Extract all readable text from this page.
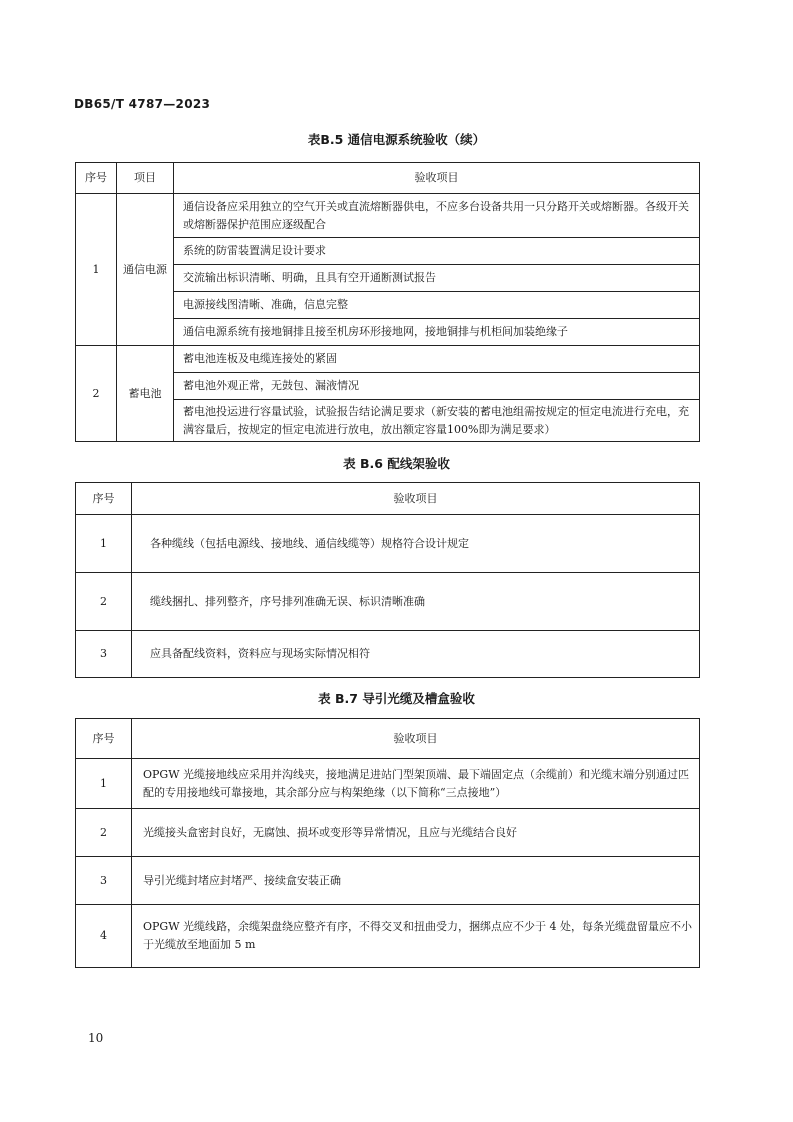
DB65/T 4787—2023
表B.5 通信电源系统验收（续）
序号	项目	验收项目
1	通信电源	通信设备应采用独立的空气开关或直流熔断器供电，不应多台设备共用一只分路开关或熔断器。各级开关或熔断器保护范围应逐级配合
		系统的防雷装置满足设计要求
		交流输出标识清晰、明确，且具有空开通断测试报告
		电源接线图清晰、准确，信息完整
		通信电源系统有接地铜排且接至机房环形接地网，接地铜排与机柜间加装绝缘子
2	蓄电池	蓄电池连板及电缆连接处的紧固
		蓄电池外观正常，无鼓包、漏液情况
		蓄电池投运进行容量试验，试验报告结论满足要求（新安装的蓄电池组需按规定的恒定电流进行充电，充满容量后，按规定的恒定电流进行放电，放出额定容量100%即为满足要求）
表 B.6 配线架验收
序号	验收项目
1	各种缆线（包括电源线、接地线、通信线缆等）规格符合设计规定
2	缆线捆扎、排列整齐，序号排列准确无误、标识清晰准确
3	应具备配线资料，资料应与现场实际情况相符
表 B.7 导引光缆及槽盒验收
序号	验收项目
1	OPGW 光缆接地线应采用并沟线夹，接地满足进站门型架顶端、最下端固定点（余缆前）和光缆末端分别通过匹配的专用接地线可靠接地，其余部分应与构架绝缘（以下简称“三点接地”）
2	光缆接头盒密封良好，无腐蚀、损坏或变形等异常情况，且应与光缆结合良好
3	导引光缆封堵应封堵严、接续盒安装正确
4	OPGW 光缆线路，余缆架盘绕应整齐有序，不得交叉和扭曲受力，捆绑点应不少于 4 处，每条光缆盘留量应不小于光缆放至地面加 5 m
10
